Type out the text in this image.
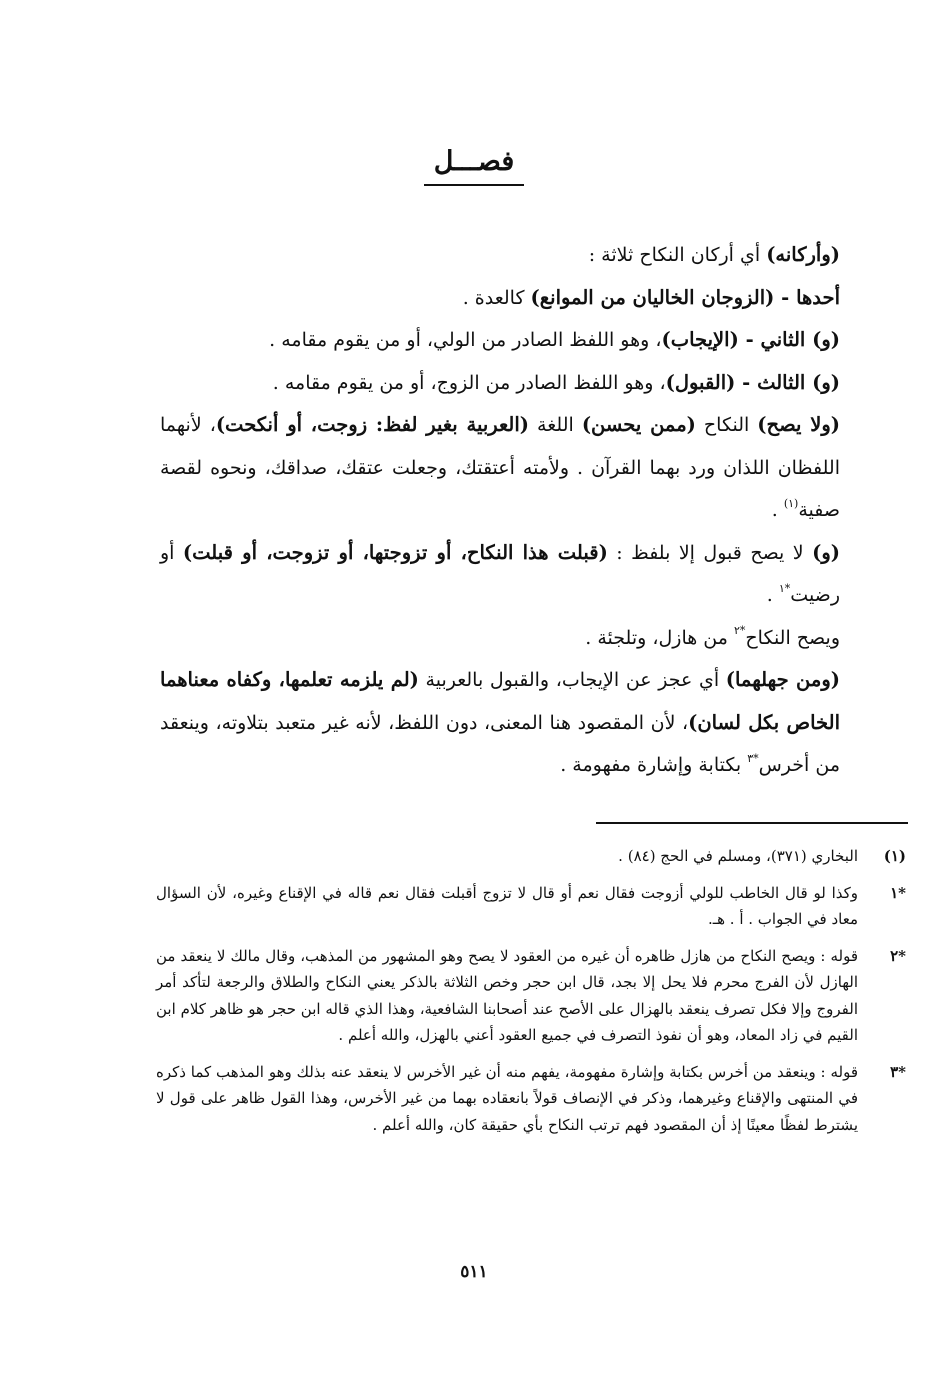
فصـــل

(وأركانه) أي أركان النكاح ثلاثة :

أحدها - (الزوجان الخاليان من الموانع) كالعدة .

(و) الثاني - (الإيجاب)، وهو اللفظ الصادر من الولي، أو من يقوم مقامه .

(و) الثالث - (القبول)، وهو اللفظ الصادر من الزوج، أو من يقوم مقامه .

(ولا يصح) النكاح (ممن يحسن) اللغة (العربية بغير لفظ: زوجت، أو أنكحت)، لأنهما اللفظان اللذان ورد بهما القرآن . ولأمته أعتقتك، وجعلت عتقك، صداقك، ونحوه لقصة صفية$^{(١)}$ .

(و) لا يصح قبول إلا بلفظ : (قبلت هذا النكاح، أو تزوجتها، أو تزوجت، أو قبلت) أو رضيت$^{*١}$ .

ويصح النكاح$^{*٢}$ من هازل، وتلجئة .

(ومن جهلهما) أي عجز عن الإيجاب، والقبول بالعربية (لم يلزمه تعلمها، وكفاه معناهما الخاص بكل لسان)، لأن المقصود هنا المعنى، دون اللفظ، لأنه غير متعبد بتلاوته، وينعقد من أخرس$^{*٣}$ بكتابة وإشارة مفهومة .

(١)
البخاري (٣٧١)، ومسلم في الحج (٨٤) .
*١
وكذا لو قال الخاطب للولي أزوجت فقال نعم أو قال لا تزوج أقبلت فقال نعم قاله في الإقناع وغيره، لأن السؤال معاد في الجواب . أ . هـ.
*٢
قوله : ويصح النكاح من هازل ظاهره أن غيره من العقود لا يصح وهو المشهور من المذهب، وقال مالك لا ينعقد من الهازل لأن الفرج محرم فلا يحل إلا بجد، قال ابن حجر وخص الثلاثة بالذكر يعني النكاح والطلاق والرجعة لتأكد أمر الفروج وإلا فكل تصرف ينعقد بالهزال على الأصح عند أصحابنا الشافعية، وهذا الذي قاله ابن حجر هو ظاهر كلام ابن القيم في زاد المعاد، وهو أن نفوذ التصرف في جميع العقود أعني بالهزل، والله أعلم .
*٣
قوله : وينعقد من أخرس بكتابة وإشارة مفهومة، يفهم منه أن غير الأخرس لا ينعقد عنه بذلك وهو المذهب كما ذكره في المنتهى والإقناع وغيرهما، وذكر في الإنصاف قولاً بانعقاده بهما من غير الأخرس، وهذا القول ظاهر على قول لا يشترط لفظًا معينًا إذ أن المقصود فهم ترتب النكاح بأي حقيقة كان، والله أعلم .
٥١١
